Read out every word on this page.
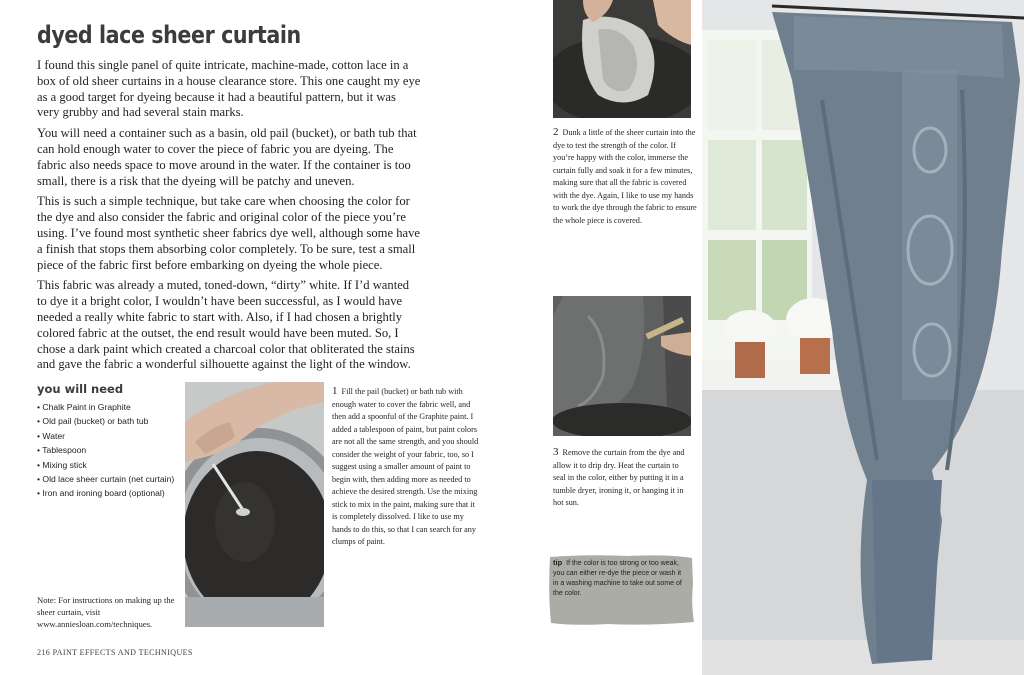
dyed lace sheer curtain

I found this single panel of quite intricate, machine-made, cotton lace in a box of old sheer curtains in a house clearance store. This one caught my eye as a good target for dyeing because it had a beautiful pattern, but it was very grubby and had several stain marks.

You will need a container such as a basin, old pail (bucket), or bath tub that can hold enough water to cover the piece of fabric you are dyeing. The fabric also needs space to move around in the water. If the container is too small, there is a risk that the dyeing will be patchy and uneven.

This is such a simple technique, but take care when choosing the color for the dye and also consider the fabric and original color of the piece you’re using. I’ve found most synthetic sheer fabrics dye well, although some have a finish that stops them absorbing color completely. To be sure, test a small piece of the fabric first before embarking on dyeing the whole piece.

This fabric was already a muted, toned-down, “dirty” white. If I’d wanted to dye it a bright color, I wouldn’t have been successful, as I would have needed a really white fabric to start with. Also, if I had chosen a brightly colored fabric at the outset, the end result would have been muted. So, I chose a dark paint which created a charcoal color that obliterated the stains and gave the fabric a wonderful silhouette against the light of the window.

you will need
• Chalk Paint in Graphite
• Old pail (bucket) or bath tub
• Water
• Tablespoon
• Mixing stick
• Old lace sheer curtain (net curtain)
• Iron and ironing board (optional)

Note: For instructions on making up the sheer curtain, visit www.anniesloan.com/techniques.

216 PAINT EFFECTS AND TECHNIQUES

1 Fill the pail (bucket) or bath tub with enough water to cover the fabric well, and then add a spoonful of the Graphite paint. I added a tablespoon of paint, but paint colors are not all the same strength, and you should consider the weight of your fabric, too, so I suggest using a smaller amount of paint to begin with, then adding more as needed to achieve the desired strength. Use the mixing stick to mix in the paint, making sure that it is completely dissolved. I like to use my hands to do this, so that I can search for any clumps of paint.

2 Dunk a little of the sheer curtain into the dye to test the strength of the color. If you’re happy with the color, immerse the curtain fully and soak it for a few minutes, making sure that all the fabric is covered with the dye. Again, I like to use my hands to work the dye through the fabric to ensure the whole piece is covered.

3 Remove the curtain from the dye and allow it to drip dry. Heat the curtain to seal in the color, either by putting it in a tumble dryer, ironing it, or hanging it in hot sun.

tip If the color is too strong or too weak, you can either re-dye the piece or wash it in a washing machine to take out some of the color.
